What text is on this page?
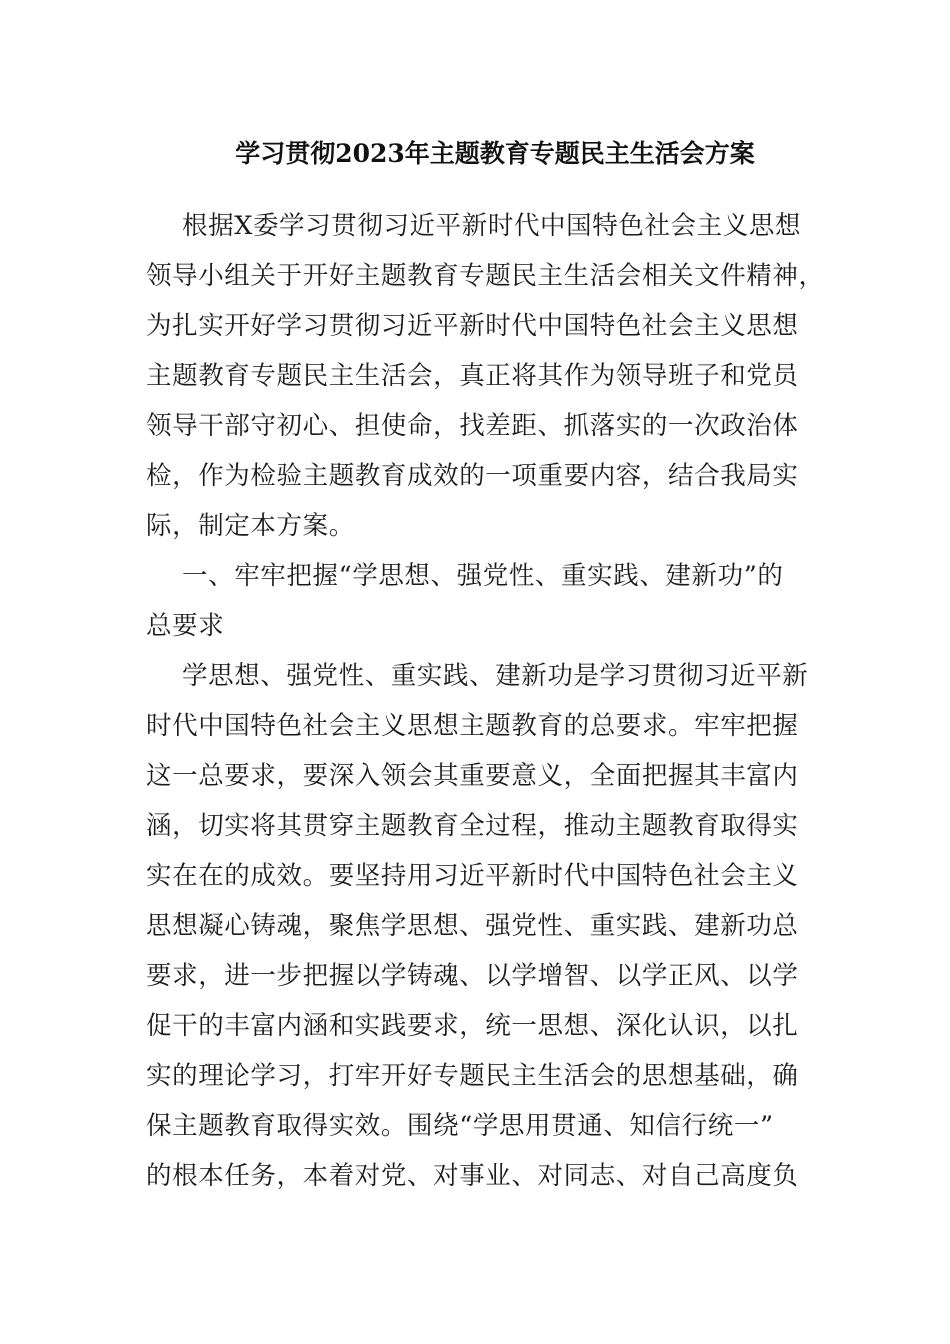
学习贯彻2023年主题教育专题民主生活会方案

根据X委学习贯彻习近平新时代中国特色社会主义思想

领导小组关于开好主题教育专题民主生活会相关文件精神，

为扎实开好学习贯彻习近平新时代中国特色社会主义思想

主题教育专题民主生活会，真正将其作为领导班子和党员

领导干部守初心、担使命，找差距、抓落实的一次政治体

检，作为检验主题教育成效的一项重要内容，结合我局实

际，制定本方案。

一、牢牢把握“学思想、强党性、重实践、建新功”的

总要求

学思想、强党性、重实践、建新功是学习贯彻习近平新

时代中国特色社会主义思想主题教育的总要求。牢牢把握

这一总要求，要深入领会其重要意义，全面把握其丰富内

涵，切实将其贯穿主题教育全过程，推动主题教育取得实

实在在的成效。要坚持用习近平新时代中国特色社会主义

思想凝心铸魂，聚焦学思想、强党性、重实践、建新功总

要求，进一步把握以学铸魂、以学增智、以学正风、以学

促干的丰富内涵和实践要求，统一思想、深化认识，以扎

实的理论学习，打牢开好专题民主生活会的思想基础，确

保主题教育取得实效。围绕“学思用贯通、知信行统一”

的根本任务，本着对党、对事业、对同志、对自己高度负
